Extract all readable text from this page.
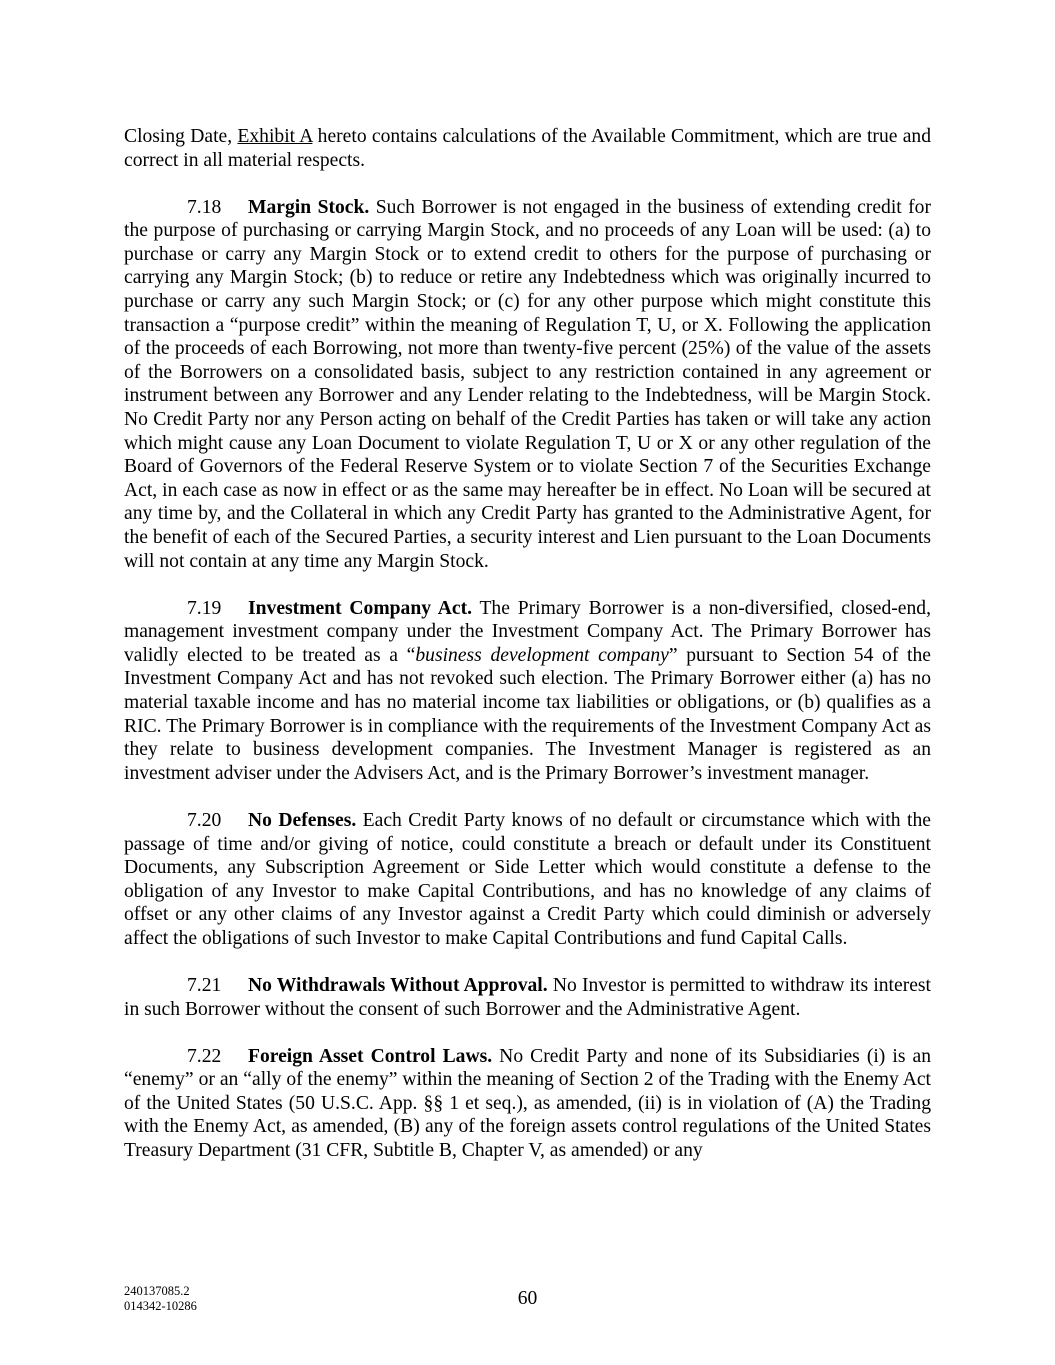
Closing Date, Exhibit A hereto contains calculations of the Available Commitment, which are true and correct in all material respects.

7.18 Margin Stock. Such Borrower is not engaged in the business of extending credit for the purpose of purchasing or carrying Margin Stock, and no proceeds of any Loan will be used: (a) to purchase or carry any Margin Stock or to extend credit to others for the purpose of purchasing or carrying any Margin Stock; (b) to reduce or retire any Indebtedness which was originally incurred to purchase or carry any such Margin Stock; or (c) for any other purpose which might constitute this transaction a “purpose credit” within the meaning of Regulation T, U, or X. Following the application of the proceeds of each Borrowing, not more than twenty-five percent (25%) of the value of the assets of the Borrowers on a consolidated basis, subject to any restriction contained in any agreement or instrument between any Borrower and any Lender relating to the Indebtedness, will be Margin Stock. No Credit Party nor any Person acting on behalf of the Credit Parties has taken or will take any action which might cause any Loan Document to violate Regulation T, U or X or any other regulation of the Board of Governors of the Federal Reserve System or to violate Section 7 of the Securities Exchange Act, in each case as now in effect or as the same may hereafter be in effect. No Loan will be secured at any time by, and the Collateral in which any Credit Party has granted to the Administrative Agent, for the benefit of each of the Secured Parties, a security interest and Lien pursuant to the Loan Documents will not contain at any time any Margin Stock.

7.19 Investment Company Act. The Primary Borrower is a non-diversified, closed-end, management investment company under the Investment Company Act. The Primary Borrower has validly elected to be treated as a “business development company” pursuant to Section 54 of the Investment Company Act and has not revoked such election. The Primary Borrower either (a) has no material taxable income and has no material income tax liabilities or obligations, or (b) qualifies as a RIC. The Primary Borrower is in compliance with the requirements of the Investment Company Act as they relate to business development companies. The Investment Manager is registered as an investment adviser under the Advisers Act, and is the Primary Borrower’s investment manager.

7.20 No Defenses. Each Credit Party knows of no default or circumstance which with the passage of time and/or giving of notice, could constitute a breach or default under its Constituent Documents, any Subscription Agreement or Side Letter which would constitute a defense to the obligation of any Investor to make Capital Contributions, and has no knowledge of any claims of offset or any other claims of any Investor against a Credit Party which could diminish or adversely affect the obligations of such Investor to make Capital Contributions and fund Capital Calls.

7.21 No Withdrawals Without Approval. No Investor is permitted to withdraw its interest in such Borrower without the consent of such Borrower and the Administrative Agent.

7.22 Foreign Asset Control Laws. No Credit Party and none of its Subsidiaries (i) is an “enemy” or an “ally of the enemy” within the meaning of Section 2 of the Trading with the Enemy Act of the United States (50 U.S.C. App. §§ 1 et seq.), as amended, (ii) is in violation of (A) the Trading with the Enemy Act, as amended, (B) any of the foreign assets control regulations of the United States Treasury Department (31 CFR, Subtitle B, Chapter V, as amended) or any

240137085.2
014342-10286	60
